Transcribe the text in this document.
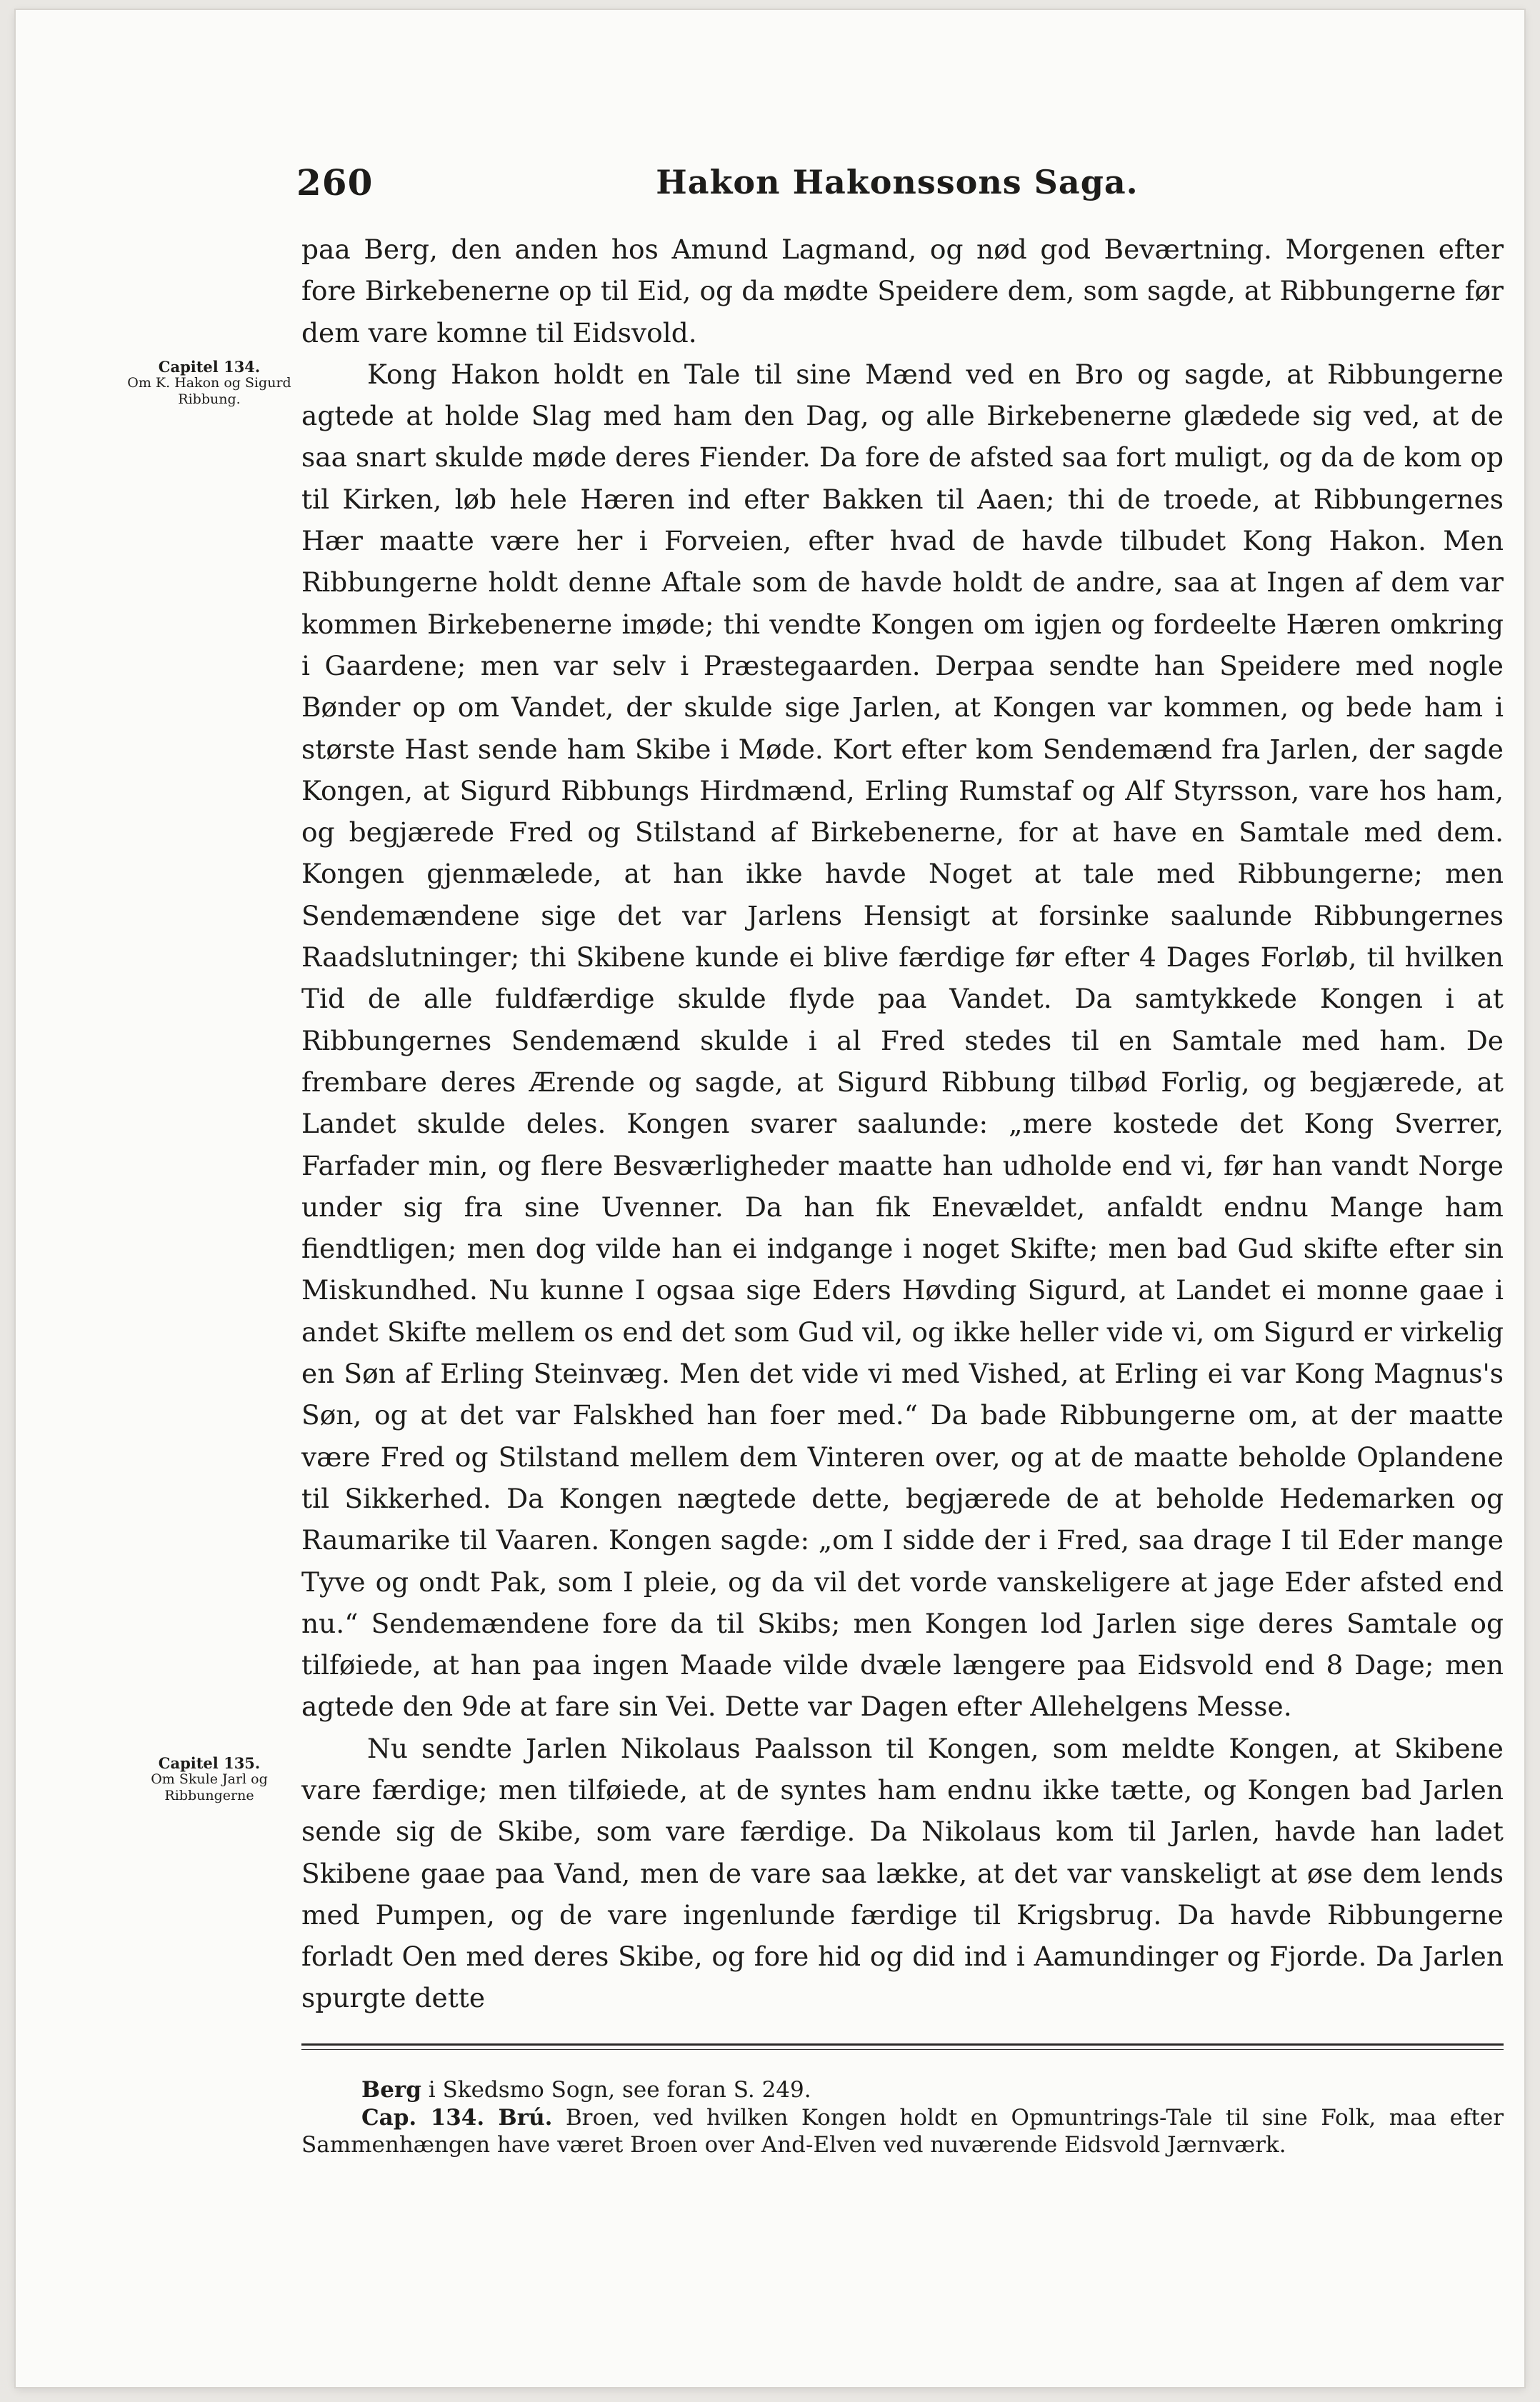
260	Hakon Hakonssons Saga.
Capitel 134.
Om K. Hakon og Sigurd Ribbung.
Capitel 135.
Om Skule Jarl og Ribbungerne

paa Berg, den anden hos Amund Lagmand, og nød god Beværtning. Morgenen efter fore Birkebenerne op til Eid, og da mødte Speidere dem, som sagde, at Ribbungerne før dem vare komne til Eidsvold.

Kong Hakon holdt en Tale til sine Mænd ved en Bro og sagde, at Ribbungerne agtede at holde Slag med ham den Dag, og alle Birkebenerne glædede sig ved, at de saa snart skulde møde deres Fiender. Da fore de afsted saa fort muligt, og da de kom op til Kirken, løb hele Hæren ind efter Bakken til Aaen; thi de troede, at Ribbungernes Hær maatte være her i Forveien, efter hvad de havde tilbudet Kong Hakon. Men Ribbungerne holdt denne Aftale som de havde holdt de andre, saa at Ingen af dem var kommen Birkebenerne imøde; thi vendte Kongen om igjen og fordeelte Hæren omkring i Gaardene; men var selv i Præstegaarden. Derpaa sendte han Speidere med nogle Bønder op om Vandet, der skulde sige Jarlen, at Kongen var kommen, og bede ham i største Hast sende ham Skibe i Møde. Kort efter kom Sendemænd fra Jarlen, der sagde Kongen, at Sigurd Ribbungs Hirdmænd, Erling Rumstaf og Alf Styrsson, vare hos ham, og begjærede Fred og Stilstand af Birkebenerne, for at have en Samtale med dem. Kongen gjenmælede, at han ikke havde Noget at tale med Ribbungerne; men Sendemændene sige det var Jarlens Hensigt at forsinke saalunde Ribbungernes Raadslutninger; thi Skibene kunde ei blive færdige før efter 4 Dages Forløb, til hvilken Tid de alle fuldfærdige skulde flyde paa Vandet. Da samtykkede Kongen i at Ribbungernes Sendemænd skulde i al Fred stedes til en Samtale med ham. De frembare deres Ærende og sagde, at Sigurd Ribbung tilbød Forlig, og begjærede, at Landet skulde deles. Kongen svarer saalunde: „mere kostede det Kong Sverrer, Farfader min, og flere Besværligheder maatte han udholde end vi, før han vandt Norge under sig fra sine Uvenner. Da han fik Enevældet, anfaldt endnu Mange ham fiendtligen; men dog vilde han ei indgange i noget Skifte; men bad Gud skifte efter sin Miskundhed. Nu kunne I ogsaa sige Eders Høvding Sigurd, at Landet ei monne gaae i andet Skifte mellem os end det som Gud vil, og ikke heller vide vi, om Sigurd er virkelig en Søn af Erling Steinvæg. Men det vide vi med Vished, at Erling ei var Kong Magnus's Søn, og at det var Falskhed han foer med.“ Da bade Ribbungerne om, at der maatte være Fred og Stilstand mellem dem Vinteren over, og at de maatte beholde Oplandene til Sikkerhed. Da Kongen nægtede dette, begjærede de at beholde Hedemarken og Raumarike til Vaaren. Kongen sagde: „om I sidde der i Fred, saa drage I til Eder mange Tyve og ondt Pak, som I pleie, og da vil det vorde vanskeligere at jage Eder afsted end nu.“ Sendemændene fore da til Skibs; men Kongen lod Jarlen sige deres Samtale og tilføiede, at han paa ingen Maade vilde dvæle længere paa Eidsvold end 8 Dage; men agtede den 9de at fare sin Vei. Dette var Dagen efter Allehelgens Messe.

Nu sendte Jarlen Nikolaus Paalsson til Kongen, som meldte Kongen, at Skibene vare færdige; men tilføiede, at de syntes ham endnu ikke tætte, og Kongen bad Jarlen sende sig de Skibe, som vare færdige. Da Nikolaus kom til Jarlen, havde han ladet Skibene gaae paa Vand, men de vare saa lække, at det var vanskeligt at øse dem lends med Pumpen, og de vare ingenlunde færdige til Krigsbrug. Da havde Ribbungerne forladt Oen med deres Skibe, og fore hid og did ind i Aamundinger og Fjorde. Da Jarlen spurgte dette

Berg i Skedsmo Sogn, see foran S. 249.

Cap. 134. Brú. Broen, ved hvilken Kongen holdt en Opmuntrings-Tale til sine Folk, maa efter Sammenhængen have været Broen over And-Elven ved nuværende Eidsvold Jærnværk.
